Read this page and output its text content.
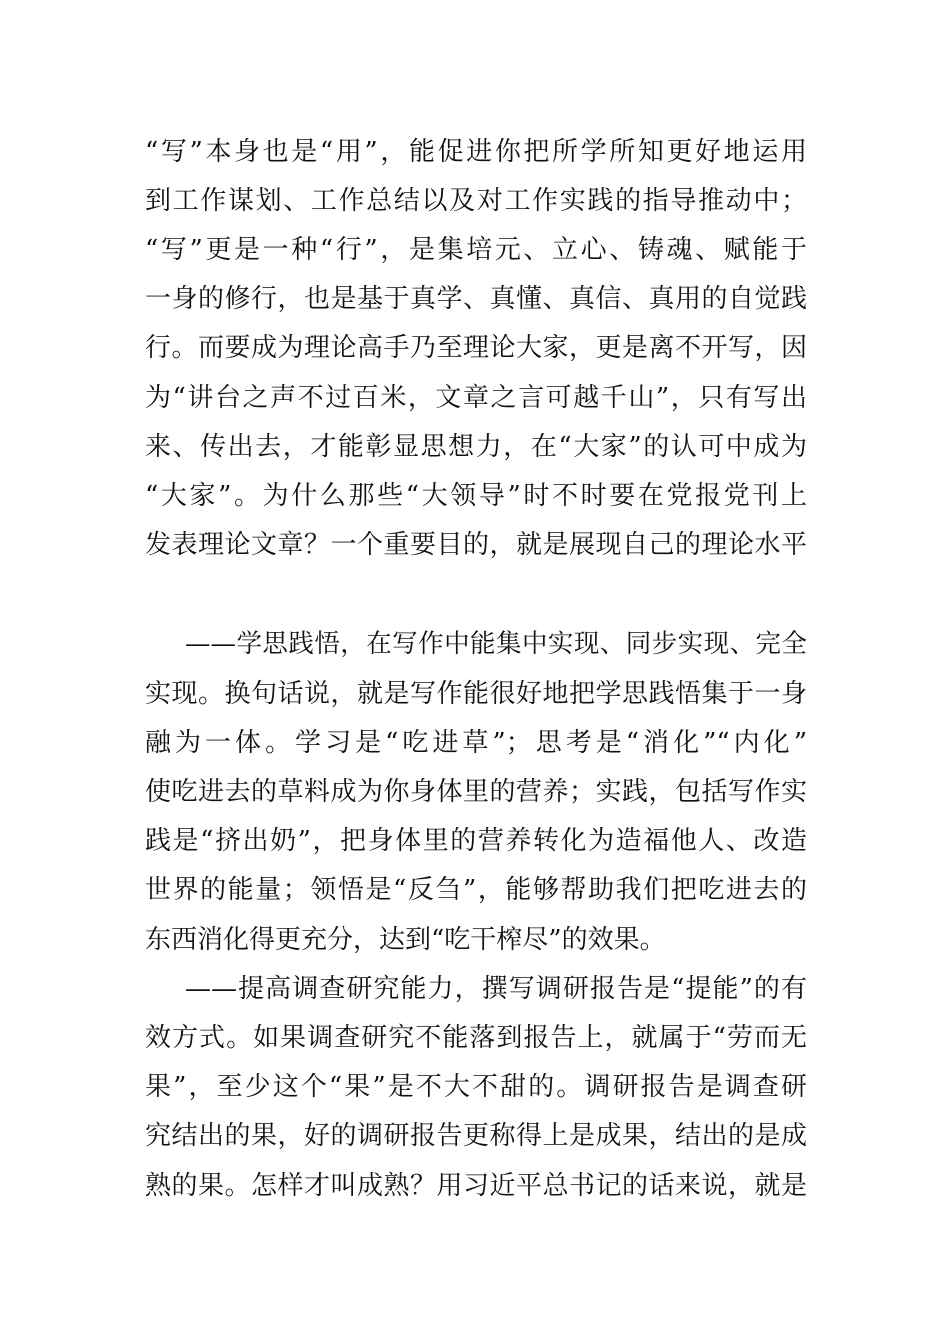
“写”本身也是“用”，能促进你把所学所知更好地运用
到工作谋划、工作总结以及对工作实践的指导推动中；
“写”更是一种“行”，是集培元、立心、铸魂、赋能于
一身的修行，也是基于真学、真懂、真信、真用的自觉践
行。而要成为理论高手乃至理论大家，更是离不开写，因
为“讲台之声不过百米，文章之言可越千山”，只有写出
来、传出去，才能彰显思想力，在“大家”的认可中成为
“大家”。为什么那些“大领导”时不时要在党报党刊上
发表理论文章？一个重要目的，就是展现自己的理论水平
——学思践悟，在写作中能集中实现、同步实现、完全
实现。换句话说，就是写作能很好地把学思践悟集于一身
融为一体。学习是“吃进草”；思考是“消化”“内化”
使吃进去的草料成为你身体里的营养；实践，包括写作实
践是“挤出奶”，把身体里的营养转化为造福他人、改造
世界的能量；领悟是“反刍”，能够帮助我们把吃进去的
东西消化得更充分，达到“吃干榨尽”的效果。
——提高调查研究能力，撰写调研报告是“提能”的有
效方式。如果调查研究不能落到报告上，就属于“劳而无
果”，至少这个“果”是不大不甜的。调研报告是调查研
究结出的果，好的调研报告更称得上是成果，结出的是成
熟的果。怎样才叫成熟？用习近平总书记的话来说，就是
